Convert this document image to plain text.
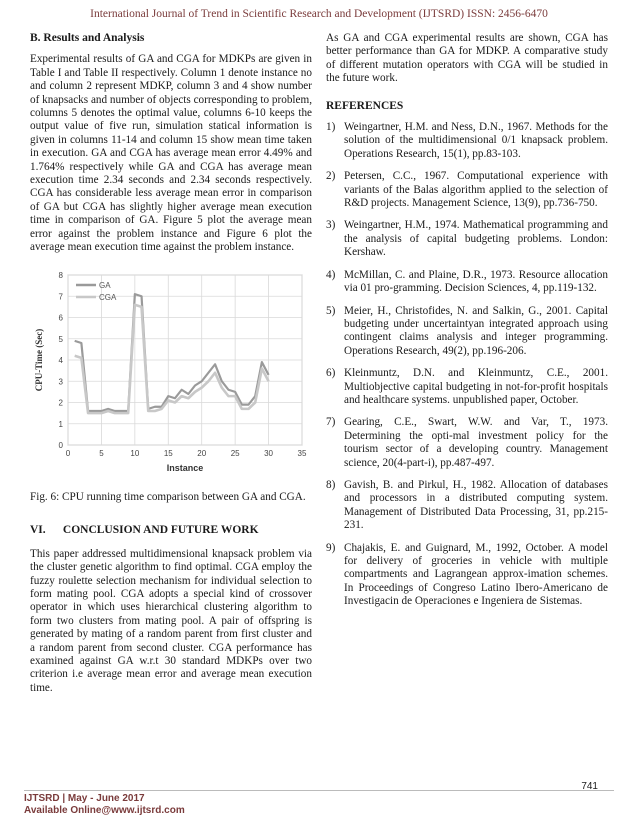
International Journal of Trend in Scientific Research and Development (IJTSRD) ISSN: 2456-6470
B. Results and Analysis

Experimental results of GA and CGA for MDKPs are given in Table I and Table II respectively. Column 1 denote instance no and column 2 represent MDKP, column 3 and 4 show number of knapsacks and number of objects corresponding to problem, columns 5 denotes the optimal value, columns 6-10 keeps the output value of five run, simulation statical information is given in columns 11-14 and column 15 show mean time taken in execution. GA and CGA has average mean error 4.49% and 1.764% respectively while GA and CGA has average mean execution time 2.34 seconds and 2.34 seconds respectively. CGA has considerable less average mean error in comparison of GA but CGA has slightly higher average mean execution time in comparison of GA. Figure 5 plot the average mean error against the problem instance and Figure 6 plot the average mean execution time against the problem instance.

0
1
2
3
4
5
6
7
8
0	5	10	15	20	25	30	35
Instance
CPU-Time (Sec)
GA
CGA

Fig. 6: CPU running time comparison between GA and CGA.

VI.      CONCLUSION AND FUTURE WORK

This paper addressed multidimensional knapsack problem via the cluster genetic algorithm to find optimal. CGA employ the fuzzy roulette selection mechanism for individual selection to form mating pool. CGA adopts a special kind of crossover operator in which uses hierarchical clustering algorithm to form two clusters from mating pool. A pair of offspring is generated by mating of a random parent from first cluster and a random parent from second cluster. CGA performance has examined against GA w.r.t 30 standard MDKPs over two criterion i.e average mean error and average mean execution time.

As GA and CGA experimental results are shown, CGA has better performance than GA for MDKP. A comparative study of different mutation operators with CGA will be studied in the future work.

REFERENCES
1) Weingartner, H.M. and Ness, D.N., 1967. Methods for the solution of the multidimensional 0/1 knapsack problem. Operations Research, 15(1), pp.83-103.
2) Petersen, C.C., 1967. Computational experience with variants of the Balas algorithm applied to the selection of R&D projects. Management Science, 13(9), pp.736-750.
3) Weingartner, H.M., 1974. Mathematical programming and the analysis of capital budgeting problems. London: Kershaw.
4) McMillan, C. and Plaine, D.R., 1973. Resource allocation via 01 pro-gramming. Decision Sciences, 4, pp.119-132.
5) Meier, H., Christofides, N. and Salkin, G., 2001. Capital budgeting under uncertaintyan integrated approach using contingent claims analysis and integer programming. Operations Research, 49(2), pp.196-206.
6) Kleinmuntz, D.N. and Kleinmuntz, C.E., 2001. Multiobjective capital budgeting in not-for-profit hospitals and healthcare systems. unpublished paper, October.
7) Gearing, C.E., Swart, W.W. and Var, T., 1973. Determining the opti-mal investment policy for the tourism sector of a developing country. Management science, 20(4-part-i), pp.487-497.
8) Gavish, B. and Pirkul, H., 1982. Allocation of databases and processors in a distributed computing system. Management of Distributed Data Processing, 31, pp.215-231.
9) Chajakis, E. and Guignard, M., 1992, October. A model for delivery of groceries in vehicle with multiple compartments and Lagrangean approx-imation schemes. In Proceedings of Congreso Latino Ibero-Americano de Investigacin de Operaciones e Ingeniera de Sistemas.
741
IJTSRD | May - June 2017
Available Online@www.ijtsrd.com
